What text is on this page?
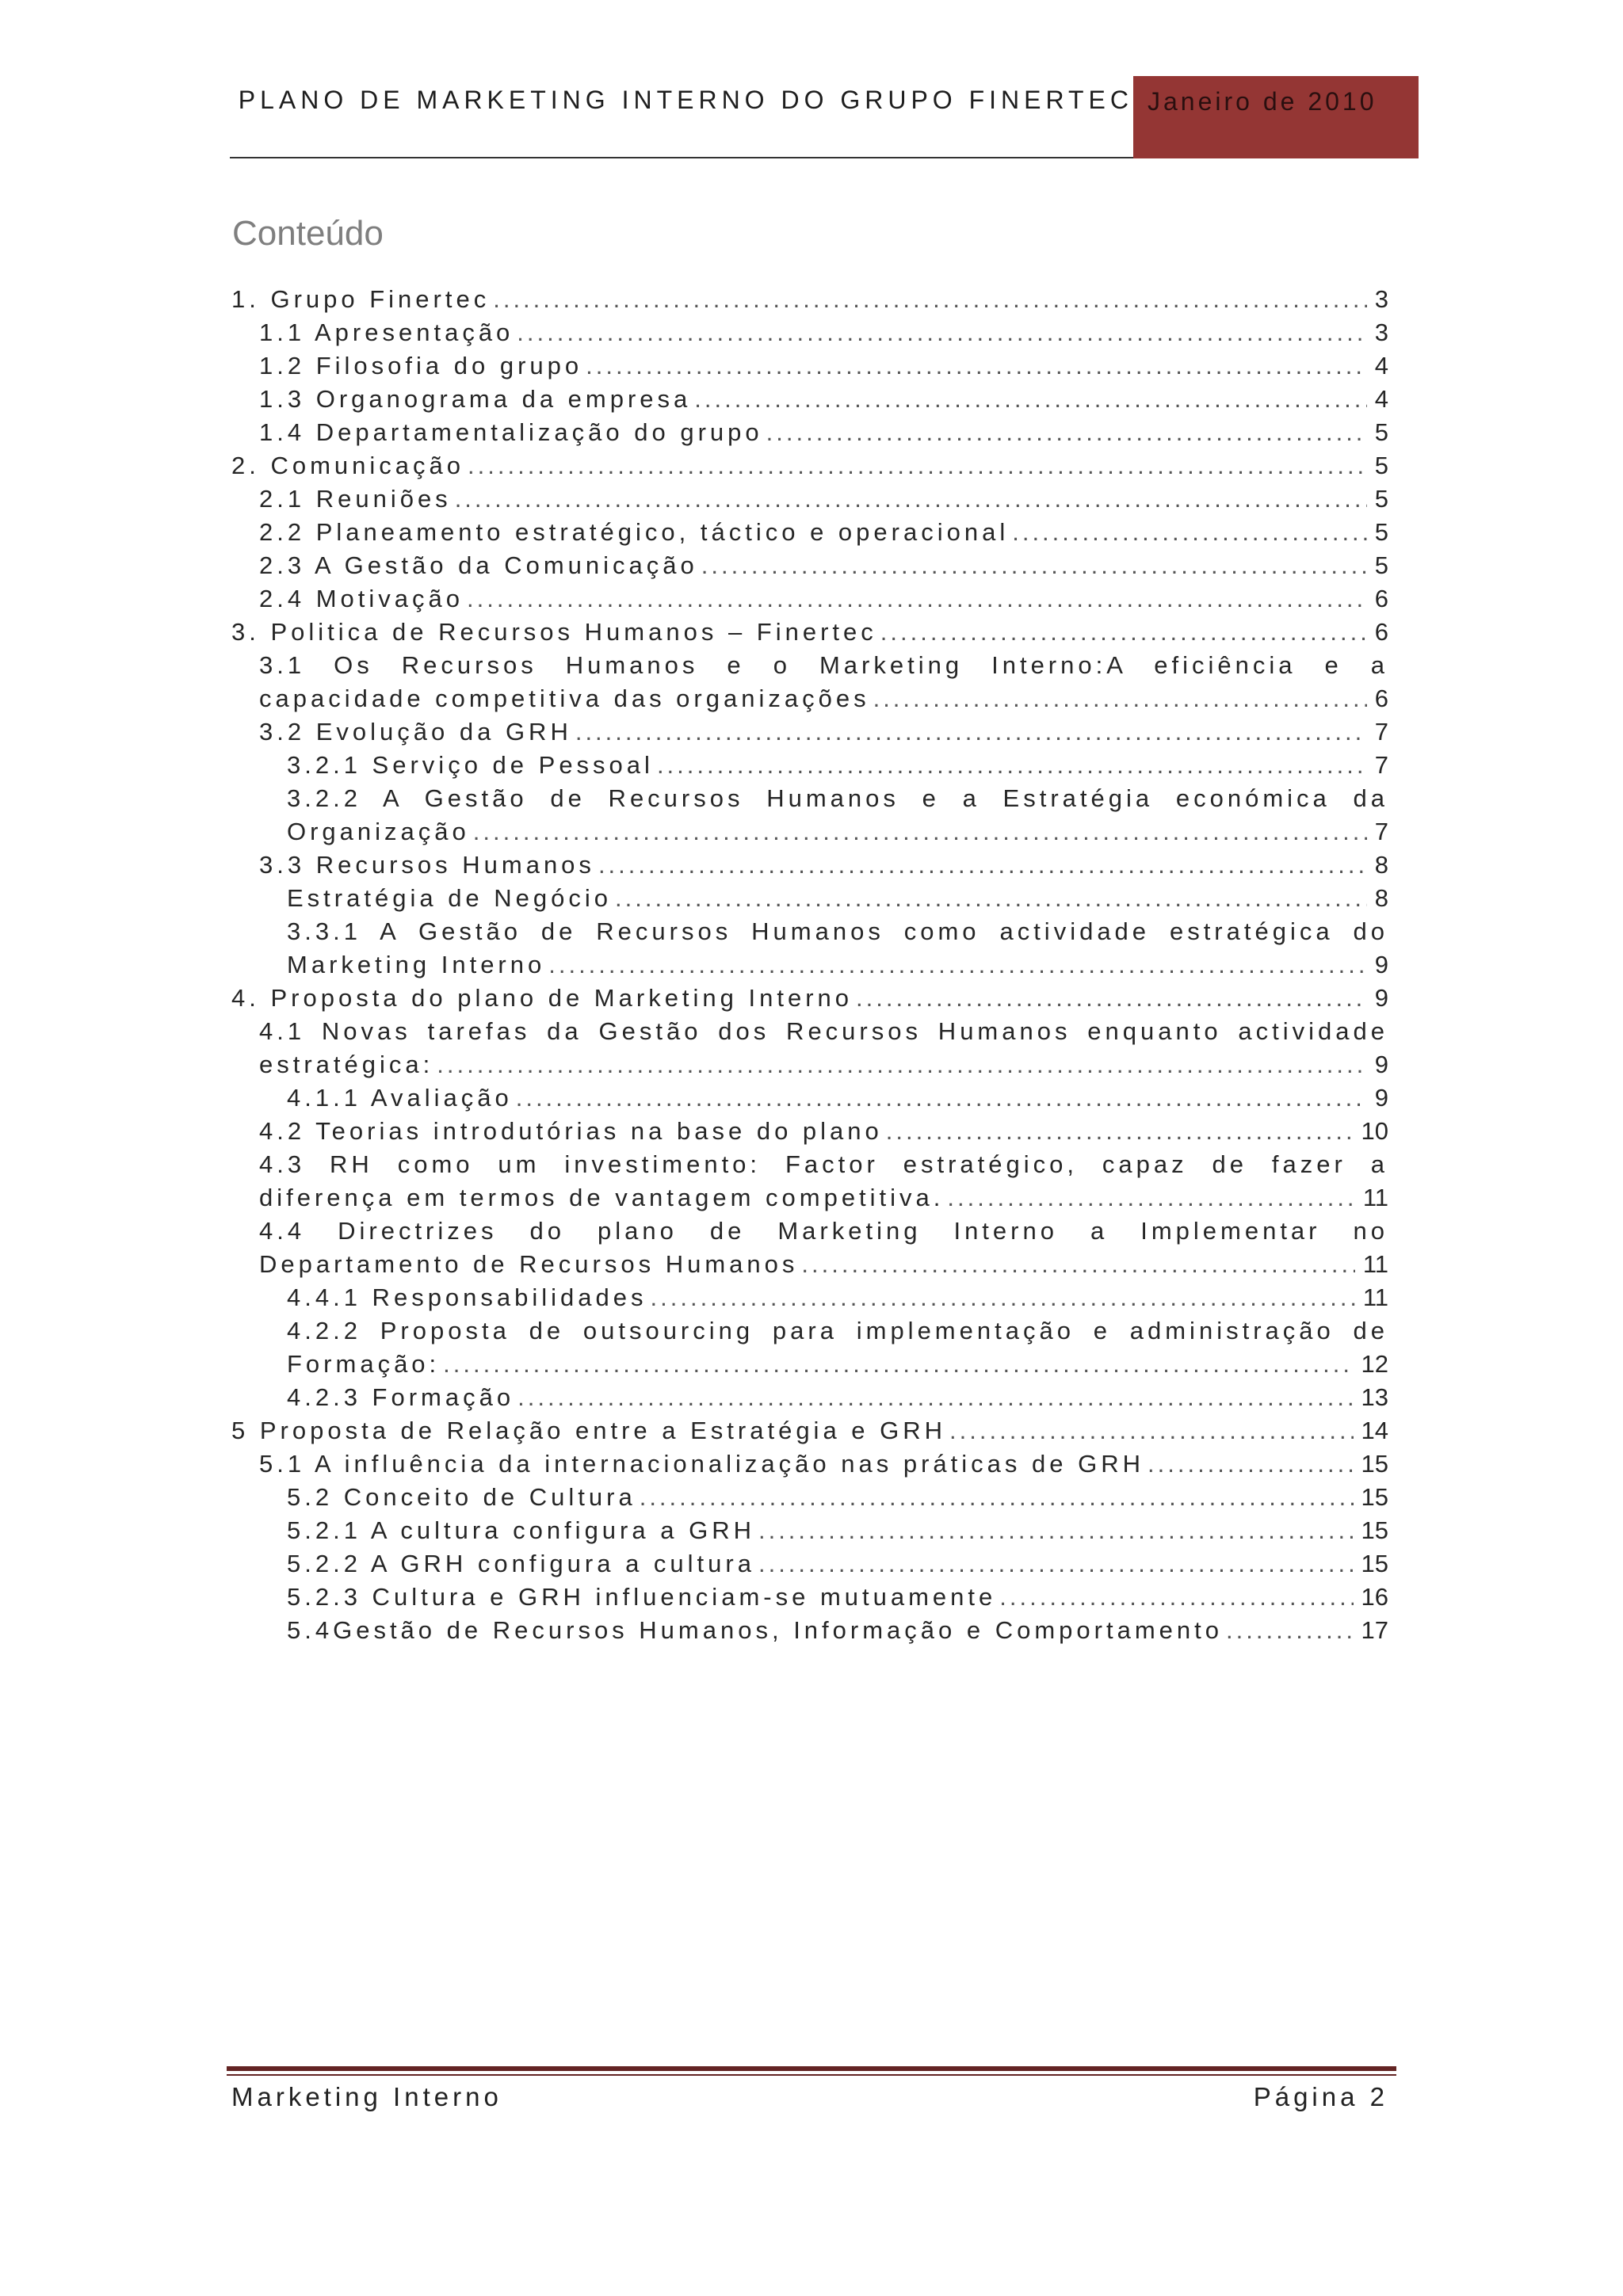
PLANO DE MARKETING INTERNO DO GRUPO FINERTEC Janeiro de 2010
Conteúdo
1. Grupo Finertec .....	3
1.1 Apresentação .....	3
1.2 Filosofia do grupo .....	4
1.3 Organograma da empresa .....	4
1.4 Departamentalização do grupo .....	5
2. Comunicação .....	5
2.1 Reuniões .....	5
2.2 Planeamento estratégico, táctico e operacional .....	5
2.3 A Gestão da Comunicação .....	5
2.4 Motivação .....	6
3. Politica de Recursos Humanos – Finertec .....	6
3.1 Os Recursos Humanos e o Marketing Interno:A eficiência e a
capacidade competitiva das organizações .....	6
3.2 Evolução da GRH .....	7
3.2.1 Serviço de Pessoal .....	7
3.2.2 A Gestão de Recursos Humanos e a Estratégia económica da
Organização .....	7
3.3 Recursos Humanos .....	8
Estratégia de Negócio .....	8
3.3.1 A Gestão de Recursos Humanos como actividade estratégica do
Marketing Interno .....	9
4. Proposta do plano de Marketing Interno .....	9
4.1 Novas tarefas da Gestão dos Recursos Humanos enquanto actividade
estratégica: .....	9
4.1.1 Avaliação .....	9
4.2 Teorias introdutórias na base do plano .....	10
4.3 RH como um investimento: Factor estratégico, capaz de fazer a
diferença em termos de vantagem competitiva. .....	11
4.4 Directrizes do plano de Marketing Interno a Implementar no
Departamento de Recursos Humanos .....	11
4.4.1 Responsabilidades .....	11
4.2.2 Proposta de outsourcing para implementação e administração de
Formação: .....	12
4.2.3 Formação .....	13
5 Proposta de Relação entre a Estratégia e GRH .....	14
5.1 A influência da internacionalização nas práticas de GRH .....	15
5.2 Conceito de Cultura .....	15
5.2.1 A cultura configura a GRH .....	15
5.2.2 A GRH configura a cultura .....	15
5.2.3 Cultura e GRH influenciam-se mutuamente .....	16
5.4Gestão de Recursos Humanos, Informação e Comportamento .....	17
Marketing Interno	Página 2
